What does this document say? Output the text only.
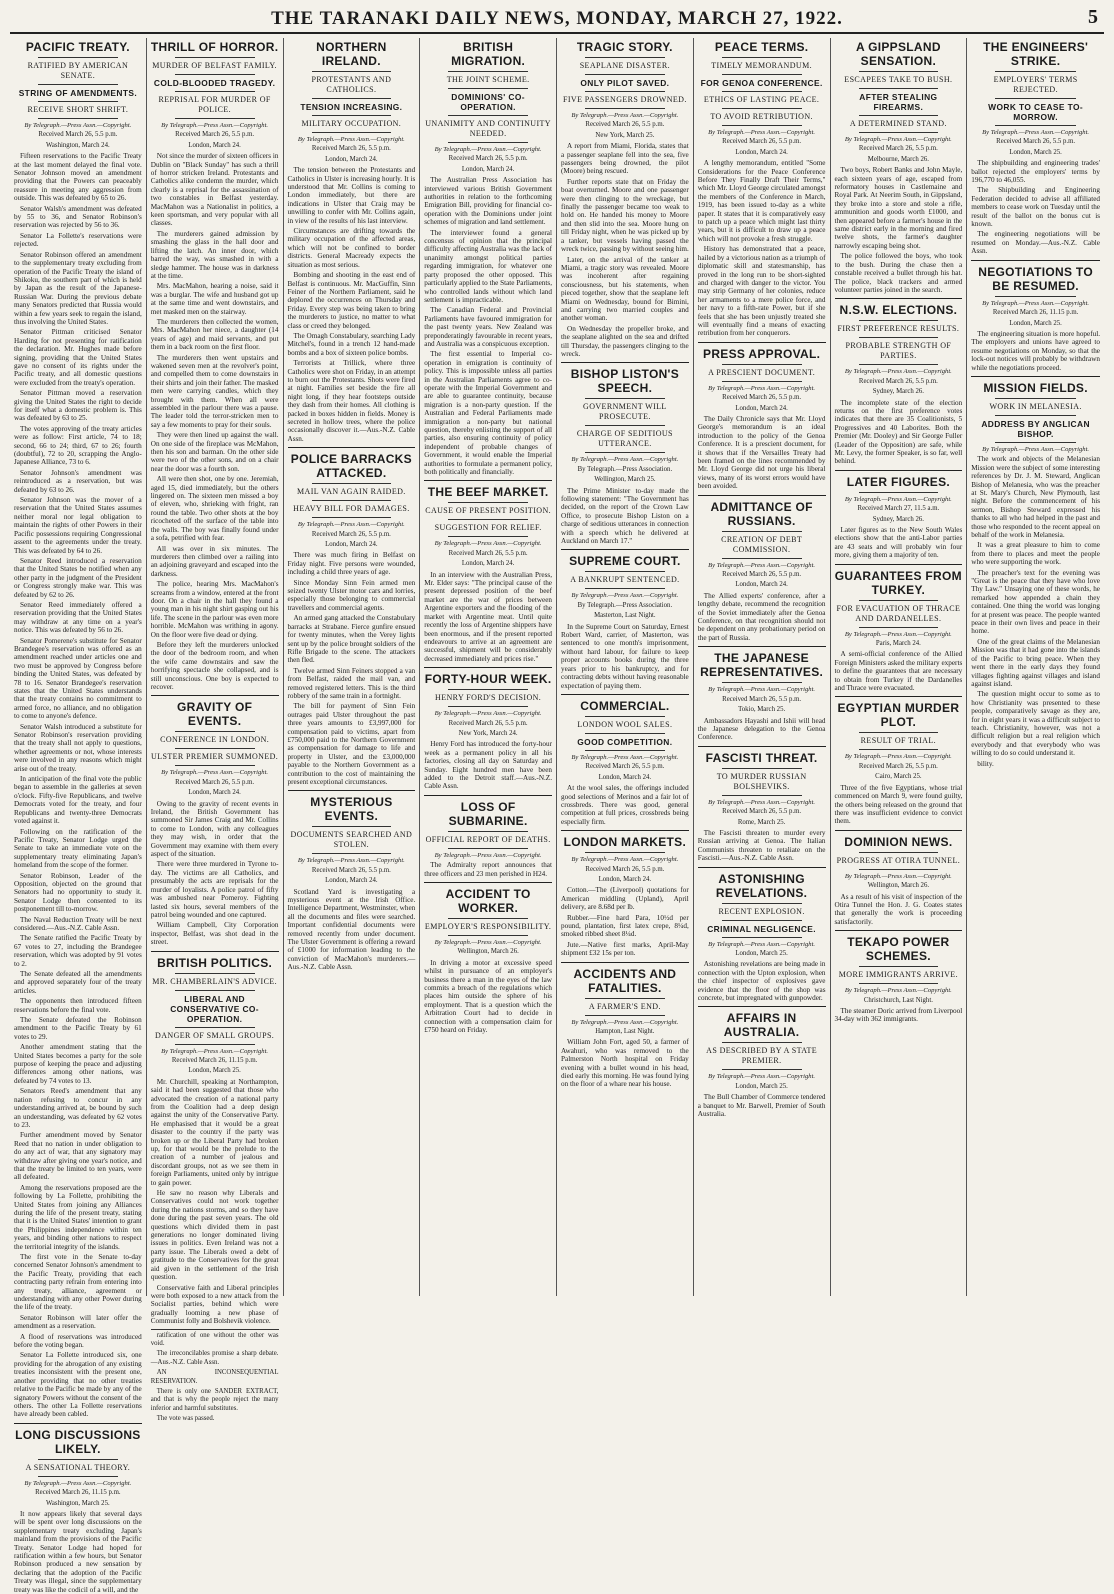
THE TARANAKI DAILY NEWS, MONDAY, MARCH 27, 1922.	5
PACIFIC TREATY.
RATIFIED BY AMERICAN SENATE.
STRING OF AMENDMENTS.
RECEIVE SHORT SHRIFT.
By Telegraph.—Press Assn.—Copyright.
Received March 26, 5.5 p.m.
Washington, March 24.

Fifteen reservations to the Pacific Treaty at the last moment delayed the final vote. Senator Johnson moved an amendment providing that the Powers can peaceably reassure in meeting any aggression from outside. This was defeated by 65 to 26.

Senator Walsh's amendment was defeated by 55 to 36, and Senator Robinson's reservation was rejected by 56 to 36.

Senator La Follette's reservations were rejected.

Senator Robinson offered an amendment to the supplementary treaty excluding from operation of the Pacific Treaty the island of Shikoku, the southern part of which is held by Japan as the result of the Japanese-Russian War. During the previous debate many Senators predicted that Russia would within a few years seek to regain the island, thus involving the United States.

Senator Pittman criticised Senator Harding for not presenting for ratification the declaration. Mr. Hughes made before signing, providing that the United States gave no consent of its rights under the Pacific treaty, and all domestic questions were excluded from the treaty's operation.

Senator Pittman moved a reservation giving the United States the right to decide for itself what a domestic problem is. This was defeated by 63 to 25.

The votes approving of the treaty articles were as follow: First article, 74 to 18; second, 66 to 24; third, 67 to 26; fourth (doubtful), 72 to 20, scrapping the Anglo-Japanese Alliance, 73 to 6.

Senator Johnson's amendment was reintroduced as a reservation, but was defeated by 63 to 26.

Senator Johnson was the mover of a reservation that the United States assumes neither moral nor legal obligation to maintain the rights of other Powers in their Pacific possessions requiring Congressional assent to the agreements under the treaty. This was defeated by 64 to 26.

Senator Reed introduced a reservation that the United States be notified when any other party in the judgment of the President or Congress strongly make war. This was defeated by 62 to 26.

Senator Reed immediately offered a reservation providing that the United States may withdraw at any time on a year's notice. This was defeated by 56 to 26.

Senator Pomerene's substitute for Senator Brandegee's reservation was offered as an amendment reached under articles one and two must be approved by Congress before binding the United States, was defeated by 78 to 16. Senator Brandegee's reservation states that the United States understands that the treaty contains no commitment to armed force, no alliance, and no obligation to come to anyone's defence.

Senator Walsh introduced a substitute for Senator Robinson's reservation providing that the treaty shall not apply to questions, whether agreements or not, whose interests were involved in any reasons which might arise out of the treaty.

In anticipation of the final vote the public began to assemble in the galleries at seven o'clock. Fifty-five Republicans, and twelve Democrats voted for the treaty, and four Republicans and twenty-three Democrats voted against it.

Following on the ratification of the Pacific Treaty, Senator Lodge urged the Senate to take an immediate vote on the supplementary treaty eliminating Japan's homeland from the scope of the former.

Senator Robinson, Leader of the Opposition, objected on the ground that Senators had no opportunity to study it. Senator Lodge then consented to its postponement till to-morrow.

The Naval Reduction Treaty will be next considered.—Aus.-N.Z. Cable Assn.

The Senate ratified the Pacific Treaty by 67 votes to 27, including the Brandegee reservation, which was adopted by 91 votes to 2.

The Senate defeated all the amendments and approved separately four of the treaty articles.

The opponents then introduced fifteen reservations before the final vote.

The Senate defeated the Robinson amendment to the Pacific Treaty by 61 votes to 29.

Another amendment stating that the United States becomes a party for the sole purpose of keeping the peace and adjusting differences among other nations, was defeated by 74 votes to 13.

Senators Reed's amendment that any nation refusing to concur in any understanding arrived at, be bound by such an understanding, was defeated by 62 votes to 23.

Further amendment moved by Senator Reed that no nation in under obligation to do any act of war, that any signatory may withdraw after giving one year's notice, and that the treaty be limited to ten years, were all defeated.

Among the reservations proposed are the following by La Follette, prohibiting the United States from joining any Alliances during the life of the present treaty, stating that it is the United States' intention to grant the Philippines independence within ten years, and binding other nations to respect the territorial integrity of the islands.

The first vote in the Senate to-day concerned Senator Johnson's amendment to the Pacific Treaty, providing that each contracting party refrain from entering into any treaty, alliance, agreement or understanding with any other Power during the life of the treaty.

Senator Robinson will later offer the amendment as a reservation.

A flood of reservations was introduced before the voting began.

Senator La Follette introduced six, one providing for the abrogation of any existing treaties inconsistent with the present one, another providing that no other treaties relative to the Pacific be made by any of the signatory Powers without the consent of the others. The other La Follette reservations have already been cabled.

LONG DISCUSSIONS LIKELY.
A SENSATIONAL THEORY.
By Telegraph.—Press Assn.—Copyright.
Received March 26, 11.15 p.m.
Washington, March 25.

It now appears likely that several days will be spent over long discussions on the supplementary treaty excluding Japan's mainland from the provisions of the Pacific Treaty. Senator Lodge had hoped for ratification within a few hours, but Senator Robinson produced a new sensation by declaring that the adoption of the Pacific Treaty was illegal, since the supplementary treaty was like the codicil of a will, and the

THRILL OF HORROR.
MURDER OF BELFAST FAMILY.
COLD-BLOODED TRAGEDY.
REPRISAL FOR MURDER OF POLICE.
By Telegraph.—Press Assn.—Copyright.
Received March 26, 5.5 p.m.
London, March 24.

Not since the murder of sixteen officers in Dublin on "Black Sunday" has such a thrill of horror stricken Ireland. Protestants and Catholics alike condemn the murder, which clearly is a reprisal for the assassination of two constables in Belfast yesterday. MacMahon was a Nationalist in politics, a keen sportsman, and very popular with all classes.

The murderers gained admission by smashing the glass in the hall door and lifting the latch. An inner door, which barred the way, was smashed in with a sledge hammer. The house was in darkness at the time.

Mrs. MacMahon, hearing a noise, said it was a burglar. The wife and husband got up at the same time and went downstairs, and met masked men on the stairway.

The murderers then collected the women, Mrs. MacMahon her niece, a daughter (14 years of age) and maid servants, and put them in a back room on the first floor.

The murderers then went upstairs and wakened seven men at the revolver's point, and compelled them to come downstairs in their shirts and join their father. The masked men were carrying candles, which they brought with them. When all were assembled in the parlour there was a pause. The leader told the terror-stricken men to say a few moments to pray for their souls.

They were then lined up against the wall. On one side of the fireplace was McMahon, then his son and barman. On the other side were two of the other sons, and on a chair near the door was a fourth son.

All were then shot, one by one. Jeremiah, aged 15, died immediately, but the others lingered on. The sixteen men missed a boy of eleven, who, shrieking with fright, ran round the table. Two other shots at the boy ricocheted off the surface of the table into the walls. The boy was finally found under a sofa, petrified with fear.

All was over in six minutes. The murderers then climbed over a railing into an adjoining graveyard and escaped into the darkness.

The police, hearing Mrs. MacMahon's screams from a window, entered at the front door. On a chair in the hall they found a young man in his night shirt gasping out his life. The scene in the parlour was even more horrible. McMahon was writhing in agony. On the floor were five dead or dying.

Before they left the murderers unlocked the door of the bedroom room, and when the wife came downstairs and saw the horrifying spectacle she collapsed, and is still unconscious. One boy is expected to recover.

GRAVITY OF EVENTS.
CONFERENCE IN LONDON.
ULSTER PREMIER SUMMONED.
By Telegraph.—Press Assn.—Copyright.
Received March 26, 5.5 p.m.
London, March 24.

Owing to the gravity of recent events in Ireland, the British Government has summoned Sir James Craig and Mr. Collins to come to London, with any colleagues they may wish, in order that the Government may examine with them every aspect of the situation.

There were three murdered in Tyrone to-day. The victims are all Catholics, and presumably the acts are reprisals for the murder of loyalists. A police patrol of fifty was ambushed near Pomeroy. Fighting lasted six hours, several members of the patrol being wounded and one captured.

William Campbell, City Corporation inspector, Belfast, was shot dead in the street.

BRITISH POLITICS.
MR. CHAMBERLAIN'S ADVICE.
LIBERAL AND CONSERVATIVE CO-OPERATION.
DANGER OF SMALL GROUPS.
By Telegraph.—Press Assn.—Copyright.
Received March 26, 11.15 p.m.
London, March 25.

Mr. Churchill, speaking at Northampton, said it had been suggested that those who advocated the creation of a national party from the Coalition had a deep design against the unity of the Conservative Party. He emphasised that it would be a great disaster to the country if the party was broken up or the Liberal Party had broken up, for that would be the prelude to the creation of a number of jealous and discordant groups, not as we see them in foreign Parliaments, united only by intrigue to gain power.

He saw no reason why Liberals and Conservatives could not work together during the nations storms, and so they have done during the past seven years. The old questions which divided them in past generations no longer dominated living issues in politics. Even Ireland was not a party issue. The Liberals owed a debt of gratitude to the Conservatives for the great aid given in the settlement of the Irish question.

Conservative faith and Liberal principles were both exposed to a new attack from the Socialist parties, behind which were gradually looming a new phase of Communist folly and Bolshevik violence.

ratification of one without the other was void.

The irreconcilables promise a sharp debate.—Aus.-N.Z. Cable Assn.

AN INCONSEQUENTIAL RESERVATION.

There is only one SANDER EXTRACT, and that is why the people reject the many inferior and harmful substitutes.

The vote was passed.

NORTHERN IRELAND.
PROTESTANTS AND CATHOLICS.
TENSION INCREASING.
MILITARY OCCUPATION.
By Telegraph.—Press Assn.—Copyright.
Received March 26, 5.5 p.m.
London, March 24.

The tension between the Protestants and Catholics in Ulster is increasing hourly. It is understood that Mr. Collins is coming to London immediately, but there are indications in Ulster that Craig may be unwilling to confer with Mr. Collins again, in view of the results of his last interview.

Circumstances are drifting towards the military occupation of the affected areas, which will not be confined to border districts. General Macready expects the situation as most serious.

Bombing and shooting in the east end of Belfast is continuous. Mr. MacGuffin, Sinn Feiner of the Northern Parliament, said he deplored the occurrences on Thursday and Friday. Every step was being taken to bring the murderers to justice, no matter to what class or creed they belonged.

The Omagh Constabulary, searching Lady Mitchel's, found in a trench 12 hand-made bombs and a box of sixteen police bombs.

Terrorists at Trillick, where three Catholics were shot on Friday, in an attempt to burn out the Protestants. Shots were fired at night. Families set beside the fire all night long, if they hear footsteps outside they dash from their homes. All clothing is packed in boxes hidden in fields. Money is secreted in hollow trees, where the police occasionally discover it.—Aus.-N.Z. Cable Assn.

POLICE BARRACKS ATTACKED.
MAIL VAN AGAIN RAIDED.
HEAVY BILL FOR DAMAGES.
By Telegraph.—Press Assn.—Copyright.
Received March 26, 5.5 p.m.
London, March 24.

There was much firing in Belfast on Friday night. Five persons were wounded, including a child three years of age.

Since Monday Sinn Fein armed men seized twenty Ulster motor cars and lorries, especially those belonging to commercial travellers and commercial agents.

An armed gang attacked the Constabulary barracks at Strabane. Fierce gunfire ensued for twenty minutes, when the Verey lights sent up by the police brought soldiers of the Rifle Brigade to the scene. The attackers then fled.

Twelve armed Sinn Feiners stopped a van from Belfast, raided the mail van, and removed registered letters. This is the third robbery of the same train in a fortnight.

The bill for payment of Sinn Fein outrages paid Ulster throughout the past three years amounts to £3,997,000 for compensation paid to victims, apart from £750,000 paid to the Northern Government as compensation for damage to life and property in Ulster, and the £3,000,000 payable to the Northern Government as a contribution to the cost of maintaining the present exceptional circumstances.

MYSTERIOUS EVENTS.
DOCUMENTS SEARCHED AND STOLEN.
By Telegraph.—Press Assn.—Copyright.
Received March 26, 5.5 p.m.
London, March 24.

Scotland Yard is investigating a mysterious event at the Irish Office. Intelligence Department, Westminster, when all the documents and files were searched. Important confidential documents were removed recently from under document. The Ulster Government is offering a reward of £1000 for information leading to the conviction of MacMahon's murderers.—Aus.-N.Z. Cable Assn.

BRITISH MIGRATION.
THE JOINT SCHEME.
DOMINIONS' CO-OPERATION.
UNANIMITY AND CONTINUITY NEEDED.
By Telegraph.—Press Assn.—Copyright.
Received March 26, 5.5 p.m.
London, March 24.

The Australian Press Association has interviewed various British Government authorities in relation to the forthcoming Emigration Bill, providing for financial co-operation with the Dominions under joint schemes of migration and land settlement.

The interviewer found a general concensus of opinion that the principal difficulty affecting Australia was the lack of unanimity amongst political parties regarding immigration, for whatever one party proposed the other opposed. This particularly applied to the State Parliaments, who controlled lands without which land settlement is impracticable.

The Canadian Federal and Provincial Parliaments have favoured immigration for the past twenty years. New Zealand was preponderatingly favourable in recent years, and Australia was a conspicuous exception.

The first essential to Imperial co-operation in emigration is continuity of policy. This is impossible unless all parties in the Australian Parliaments agree to co-operate with the Imperial Government and are able to guarantee continuity, because migration is a non-party question. If the Australian and Federal Parliaments made immigration a non-party but national question, thereby enlisting the support of all parties, also ensuring continuity of policy independent of probable changes of Government, it would enable the Imperial authorities to formulate a permanent policy, both politically and financially.

THE BEEF MARKET.
CAUSE OF PRESENT POSITION.
SUGGESTION FOR RELIEF.
By Telegraph.—Press Assn.—Copyright.
Received March 26, 5.5 p.m.
London, March 24.

In an interview with the Australian Press, Mr. Elder says: "The principal cause of the present depressed position of the beef market are the war of prices between Argentine exporters and the flooding of the market with Argentine meat. Until quite recently the loss of Argentine shippers have been enormous, and if the present reported endeavours to arrive at an agreement are successful, shipment will be considerably decreased immediately and prices rise."

FORTY-HOUR WEEK.
HENRY FORD'S DECISION.
By Telegraph.—Press Assn.—Copyright.
Received March 26, 5.5 p.m.
New York, March 24.

Henry Ford has introduced the forty-hour week as a permanent policy in all his factories, closing all day on Saturday and Sunday. Eight hundred men have been added to the Detroit staff.—Aus.-N.Z. Cable Assn.

LOSS OF SUBMARINE.
OFFICIAL REPORT OF DEATHS.
By Telegraph.—Press Assn.—Copyright.

The Admiralty report announces that three officers and 23 men perished in H24.

ACCIDENT TO WORKER.
EMPLOYER'S RESPONSIBILITY.
By Telegraph.—Press Assn.—Copyright.
Wellington, March 26.

In driving a motor at excessive speed whilst in pursuance of an employer's business there a man in the eyes of the law commits a breach of the regulations which places him outside the sphere of his employment. That is a question which the Arbitration Court had to decide in connection with a compensation claim for £750 heard on Friday.

TRAGIC STORY.
SEAPLANE DISASTER.
ONLY PILOT SAVED.
FIVE PASSENGERS DROWNED.
By Telegraph.—Press Assn.—Copyright.
Received March 26, 5.5 p.m.
New York, March 25.

A report from Miami, Florida, states that a passenger seaplane fell into the sea, five passengers being drowned, the pilot (Moore) being rescued.

Further reports state that on Friday the boat overturned. Moore and one passenger were then clinging to the wreckage, but finally the passenger became too weak to hold on. He handed his money to Moore and then slid into the sea. Moore hung on till Friday night, when he was picked up by a tanker, but vessels having passed the wreck twice, passing by without seeing him.

Later, on the arrival of the tanker at Miami, a tragic story was revealed. Moore was incoherent after regaining consciousness, but his statements, when pieced together, show that the seaplane left Miami on Wednesday, bound for Bimini, and carrying two married couples and another woman.

On Wednesday the propeller broke, and the seaplane alighted on the sea and drifted till Thursday, the passengers clinging to the wreck.

BISHOP LISTON'S SPEECH.
GOVERNMENT WILL PROSECUTE.
CHARGE OF SEDITIOUS UTTERANCE.
By Telegraph.—Press Assn.—Copyright.
By Telegraph.—Press Association.
Wellington, March 25.

The Prime Minister to-day made the following statement: "The Government has decided, on the report of the Crown Law Office, to prosecute Bishop Liston on a charge of seditious utterances in connection with a speech which he delivered at Auckland on March 17."

SUPREME COURT.
A BANKRUPT SENTENCED.
By Telegraph.—Press Assn.—Copyright.
By Telegraph.—Press Association.
Masterton, Last Night.

In the Supreme Court on Saturday, Ernest Robert Ward, carrier, of Masterton, was sentenced to one month's imprisonment, without hard labour, for failure to keep proper accounts books during the three years prior to his bankruptcy, and for contracting debts without having reasonable expectation of paying them.

COMMERCIAL.
LONDON WOOL SALES.
GOOD COMPETITION.
By Telegraph.—Press Assn.—Copyright.
Received March 26, 5.5 p.m.
London, March 24.

At the wool sales, the offerings included good selections of Merinos and a fair lot of crossbreds. There was good, general competition at full prices, crossbreds being especially firm.

LONDON MARKETS.
By Telegraph.—Press Assn.—Copyright.
Received March 26, 5.5 p.m.
London, March 24.

Cotton.—The (Liverpool) quotations for American middling (Upland), April delivery, are 8.68d per lb.

Rubber.—Fine hard Para, 10½d per pound, plantation, first latex crepe, 8¼d, smoked ribbed sheet 8¼d.

Jute.—Native first marks, April-May shipment £32 15s per ton.

ACCIDENTS AND FATALITIES.
A FARMER'S END.
By Telegraph.—Press Assn.—Copyright.
Hampton, Last Night.

William John Fort, aged 50, a farmer of Awahuri, who was removed to the Palmerston North hospital on Friday evening with a bullet wound in his head, died early this morning. He was found lying on the floor of a whare near his house.

PEACE TERMS.
TIMELY MEMORANDUM.
FOR GENOA CONFERENCE.
ETHICS OF LASTING PEACE.
TO AVOID RETRIBUTION.
By Telegraph.—Press Assn.—Copyright.
Received March 26, 5.5 p.m.
London, March 24.

A lengthy memorandum, entitled "Some Considerations for the Peace Conference Before They Finally Draft Their Terms," which Mr. Lloyd George circulated amongst the members of the Conference in March, 1919, has been issued to-day as a white paper. It states that it is comparatively easy to patch up a peace which might last thirty years, but it is difficult to draw up a peace which will not provoke a fresh struggle.

History has demonstrated that a peace, hailed by a victorious nation as a triumph of diplomatic skill and statesmanship, has proved in the long run to be short-sighted and charged with danger to the victor. You may strip Germany of her colonies, reduce her armaments to a mere police force, and her navy to a fifth-rate Power, but if she feels that she has been unjustly treated she will eventually find a means of exacting retribution from her conquerors.

PRESS APPROVAL.
A PRESCIENT DOCUMENT.
By Telegraph.—Press Assn.—Copyright.
Received March 26, 5.5 p.m.
London, March 24.

The Daily Chronicle says that Mr. Lloyd George's memorandum is an ideal introduction to the policy of the Genoa Conference. It is a prescient document, for it shows that if the Versailles Treaty had been framed on the lines recommended by Mr. Lloyd George did not urge his liberal views, many of its worst errors would have been avoided.

ADMITTANCE OF RUSSIANS.
CREATION OF DEBT COMMISSION.
By Telegraph.—Press Assn.—Copyright.
Received March 26, 5.5 p.m.
London, March 24.

The Allied experts' conference, after a lengthy debate, recommend the recognition of the Soviet immediately after the Genoa Conference, on that recognition should not be dependent on any probationary period on the part of Russia.

THE JAPANESE REPRESENTATIVES.
By Telegraph.—Press Assn.—Copyright.
Received March 26, 5.5 p.m.
Tokio, March 25.

Ambassadors Hayashi and Ishii will head the Japanese delegation to the Genoa Conference.

FASCISTI THREAT.
TO MURDER RUSSIAN BOLSHEVIKS.
By Telegraph.—Press Assn.—Copyright.
Received March 26, 5.5 p.m.
Rome, March 25.

The Fascisti threaten to murder every Russian arriving at Genoa. The Italian Communists threaten to retaliate on the Fascisti.—Aus.-N.Z. Cable Assn.

ASTONISHING REVELATIONS.
RECENT EXPLOSION.
CRIMINAL NEGLIGENCE.
By Telegraph.—Press Assn.—Copyright.
London, March 25.

Astonishing revelations are being made in connection with the Upton explosion, when the chief inspector of explosives gave evidence that the floor of the shop was concrete, but impregnated with gunpowder.

AFFAIRS IN AUSTRALIA.
AS DESCRIBED BY A STATE PREMIER.
By Telegraph.—Press Assn.—Copyright.
London, March 25.

The Bull Chamber of Commerce tendered a banquet to Mr. Barwell, Premier of South Australia.

A GIPPSLAND SENSATION.
ESCAPEES TAKE TO BUSH.
AFTER STEALING FIREARMS.
A DETERMINED STAND.
By Telegraph.—Press Assn.—Copyright.
Received March 26, 5.5 p.m.
Melbourne, March 26.

Two boys, Robert Banks and John Mayle, each sixteen years of age, escaped from reformatory houses in Castlemaine and Royal Park. At Neerim South, in Gippsland, they broke into a store and stole a rifle, ammunition and goods worth £1000, and then appeared before a farmer's house in the same district early in the morning and fired twelve shots, the farmer's daughter narrowly escaping being shot.

The police followed the boys, who took to the bush. During the chase then a constable received a bullet through his hat. The police, black trackers and armed volunteer parties joined in the search.

N.S.W. ELECTIONS.
FIRST PREFERENCE RESULTS.
PROBABLE STRENGTH OF PARTIES.
By Telegraph.—Press Assn.—Copyright.
Received March 26, 5.5 p.m.
Sydney, March 26.

The incomplete state of the election returns on the first preference votes indicates that there are 35 Coalitionists, 5 Progressives and 40 Laborites. Both the Premier (Mr. Dooley) and Sir George Fuller (Leader of the Opposition) are safe, while Mr. Levy, the former Speaker, is so far, well behind.

LATER FIGURES.
By Telegraph.—Press Assn.—Copyright.
Received March 27, 11.5 a.m.
Sydney, March 26.

Later figures as to the New South Wales elections show that the anti-Labor parties are 43 seats and will probably win four more, giving them a majority of ten.

GUARANTEES FROM TURKEY.
FOR EVACUATION OF THRACE AND DARDANELLES.
By Telegraph.—Press Assn.—Copyright.
Paris, March 24.

A semi-official conference of the Allied Foreign Ministers asked the military experts to define the guarantees that are necessary to obtain from Turkey if the Dardanelles and Thrace were evacuated.

EGYPTIAN MURDER PLOT.
RESULT OF TRIAL.
By Telegraph.—Press Assn.—Copyright.
Received March 26, 5.5 p.m.
Cairo, March 25.

Three of the five Egyptians, whose trial commenced on March 9, were found guilty, the others being released on the ground that there was insufficient evidence to convict them.

DOMINION NEWS.
PROGRESS AT OTIRA TUNNEL.
By Telegraph.—Press Assn.—Copyright.
Wellington, March 26.

As a result of his visit of inspection of the Otira Tunnel the Hon. J. G. Coates states that generally the work is proceeding satisfactorily.

TEKAPO POWER SCHEMES.
MORE IMMIGRANTS ARRIVE.
By Telegraph.—Press Assn.—Copyright.
Christchurch, Last Night.

The steamer Doric arrived from Liverpool 34-day with 362 immigrants.

THE ENGINEERS' STRIKE.
EMPLOYERS' TERMS REJECTED.
WORK TO CEASE TO-MORROW.
By Telegraph.—Press Assn.—Copyright.
Received March 26, 5.5 p.m.
London, March 25.

The shipbuilding and engineering trades' ballot rejected the employers' terms by 196,770 to 46,055.

The Shipbuilding and Engineering Federation decided to advise all affiliated members to cease work on Tuesday until the result of the ballot on the bonus cut is known.

The engineering negotiations will be resumed on Monday.—Aus.-N.Z. Cable Assn.

NEGOTIATIONS TO BE RESUMED.
By Telegraph.—Press Assn.—Copyright.
Received March 26, 11.15 p.m.
London, March 25.

The engineering situation is more hopeful. The employers and unions have agreed to resume negotiations on Monday, so that the lock-out notices will probably be withdrawn while the negotiations proceed.

MISSION FIELDS.
WORK IN MELANESIA.
ADDRESS BY ANGLICAN BISHOP.
By Telegraph.—Press Assn.—Copyright.

The work and objects of the Melanesian Mission were the subject of some interesting references by Dr. J. M. Steward, Anglican Bishop of Melanesia, who was the preacher at St. Mary's Church, New Plymouth, last night. Before the commencement of his sermon, Bishop Steward expressed his thanks to all who had helped in the past and those who responded to the recent appeal on behalf of the work in Melanesia.

It was a great pleasure to him to come from there to places and meet the people who were supporting the work.

The preacher's text for the evening was "Great is the peace that they have who love Thy Law." Unsaying one of these words, he remarked how appended a chain they contained. One thing the world was longing for at present was peace. The people wanted peace in their own lives and peace in their home.

One of the great claims of the Melanesian Mission was that it had gone into the islands of the Pacific to bring peace. When they went there in the early days they found villages fighting against villages and island against island.

The question might occur to some as to how Christianity was presented to these people, comparatively savage as they are, for in eight years it was a difficult subject to teach. Christianity, however, was not a difficult religion but a real religion which everybody and that everybody who was willing to do so could understand it.

bility.
